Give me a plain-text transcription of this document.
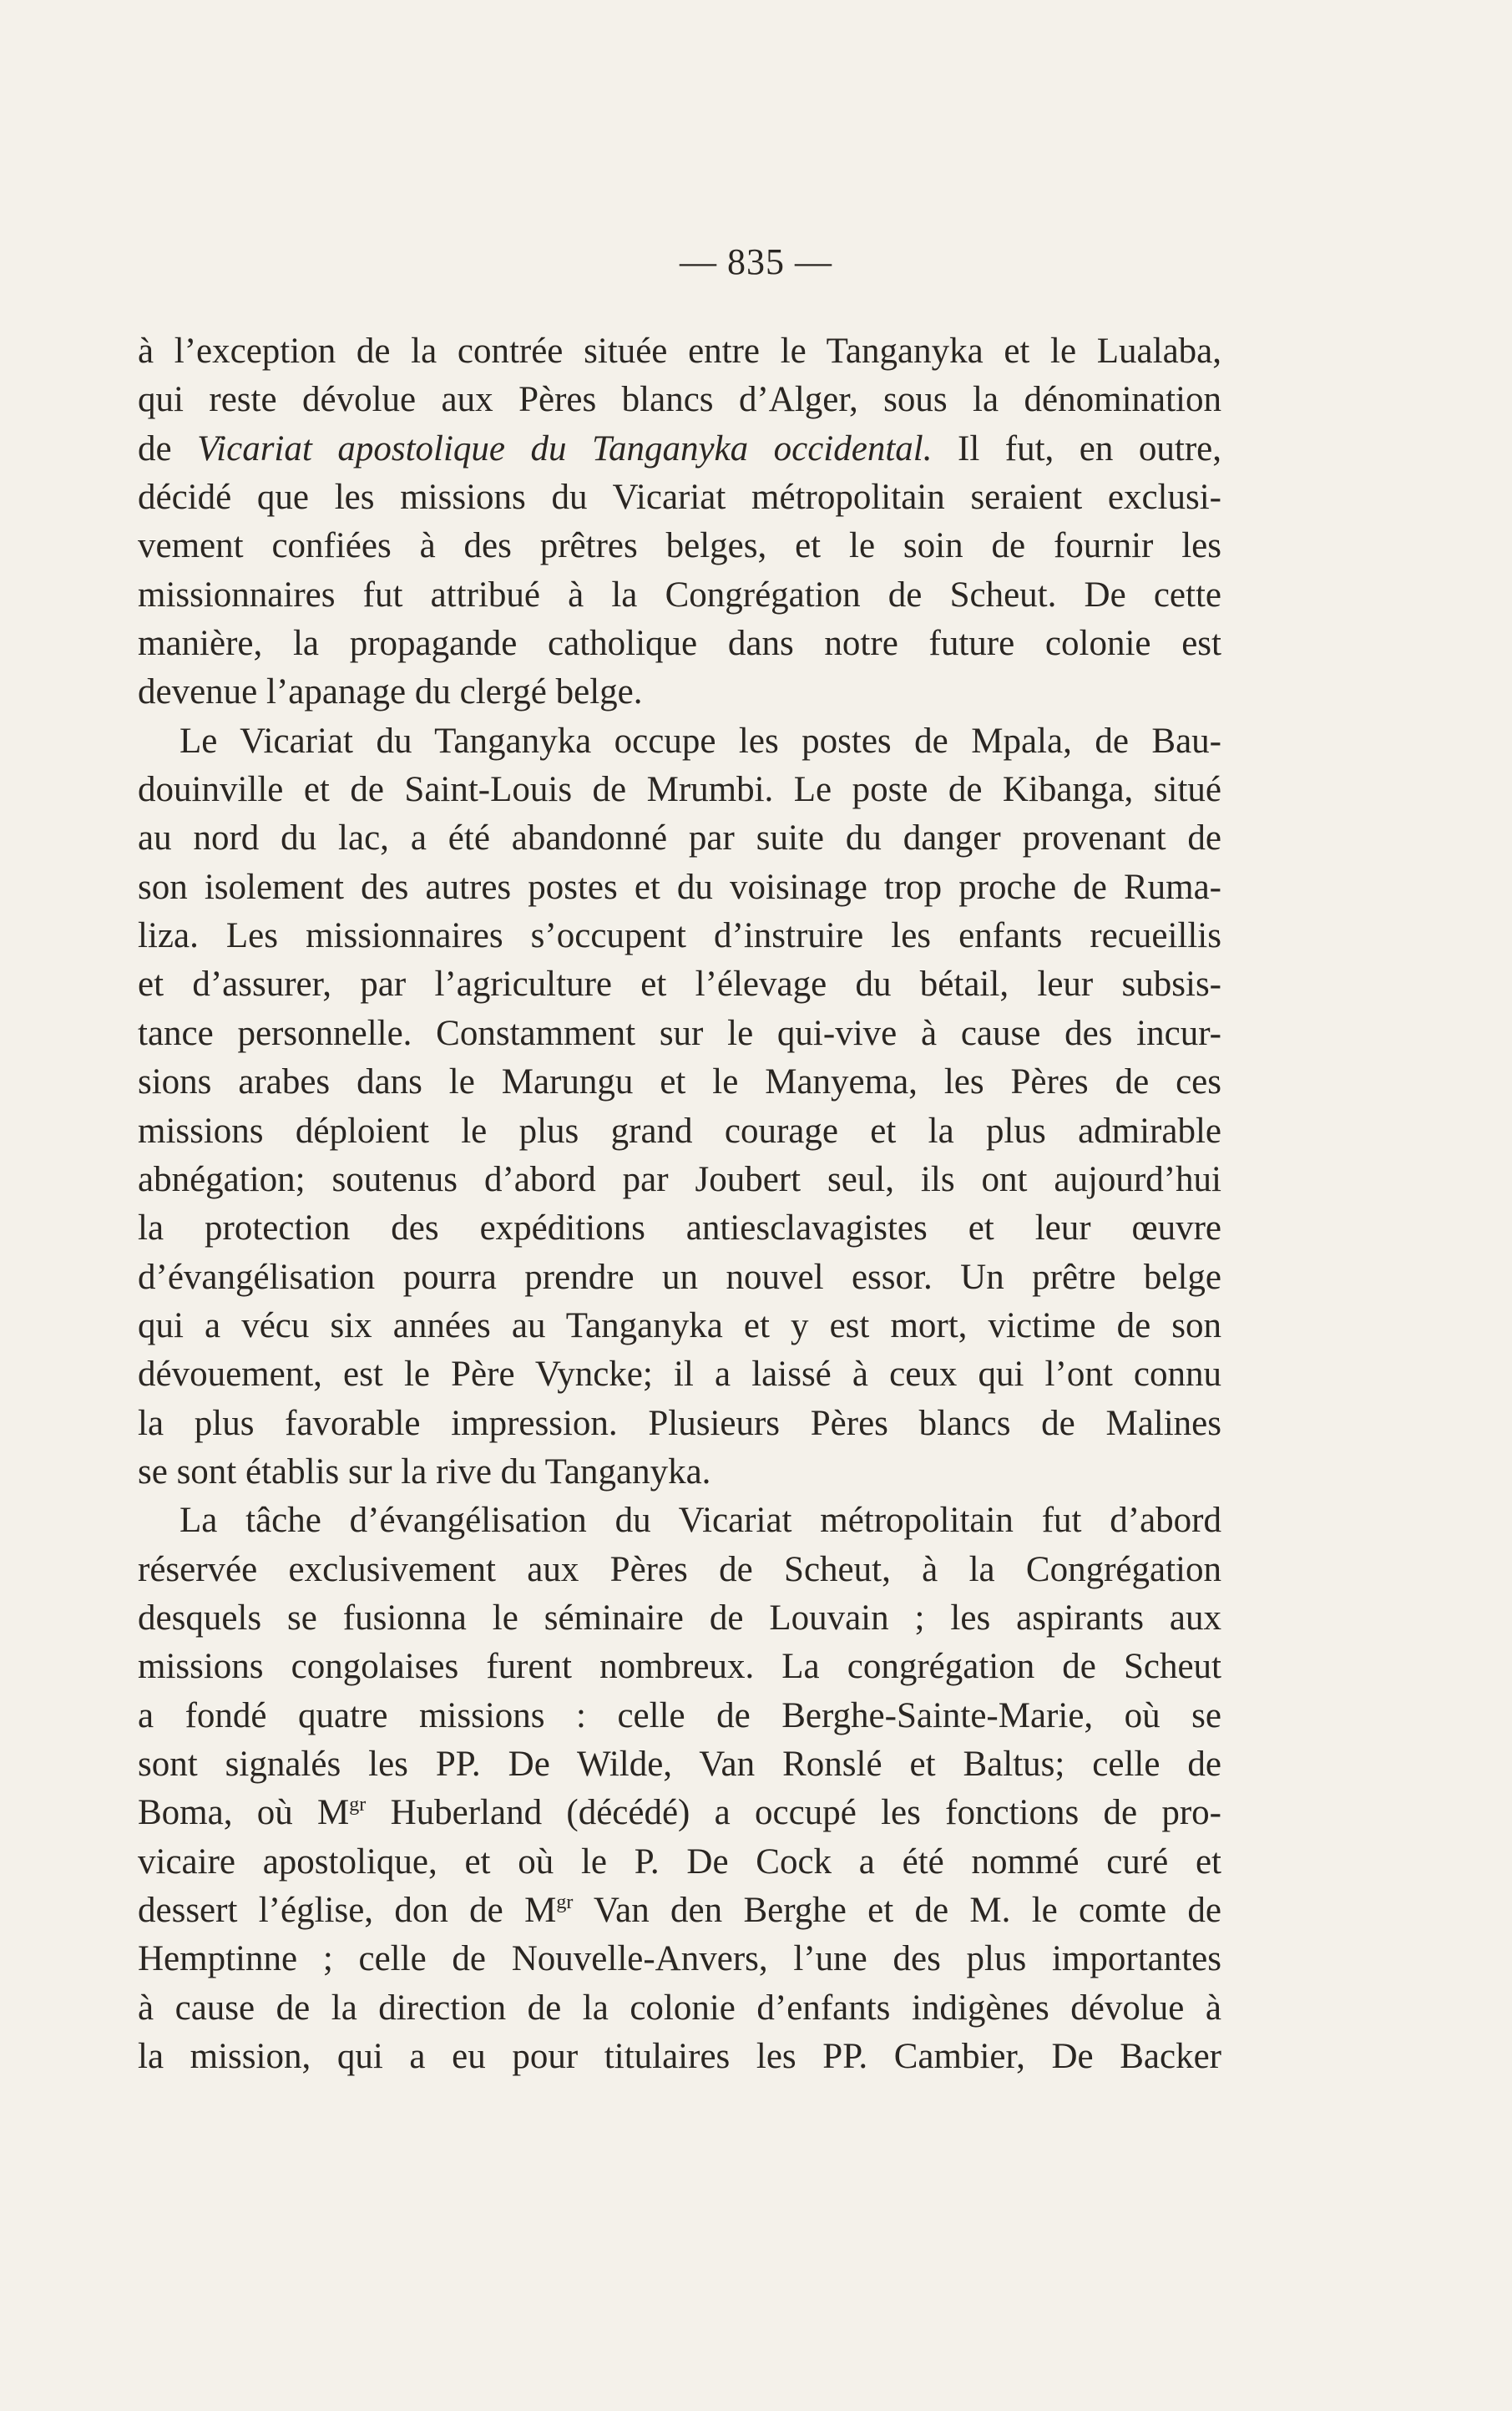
— 835 —
à l’exception de la contrée située entre le Tanganyka et le Lualaba,
qui reste dévolue aux Pères blancs d’Alger, sous la dénomination
de Vicariat apostolique du Tanganyka occidental. Il fut, en outre,
décidé que les missions du Vicariat métropolitain seraient exclusi-
vement confiées à des prêtres belges, et le soin de fournir les
missionnaires fut attribué à la Congrégation de Scheut. De cette
manière, la propagande catholique dans notre future colonie est
devenue l’apanage du clergé belge.
Le Vicariat du Tanganyka occupe les postes de Mpala, de Bau-
douinville et de Saint-Louis de Mrumbi. Le poste de Kibanga, situé
au nord du lac, a été abandonné par suite du danger provenant de
son isolement des autres postes et du voisinage trop proche de Ruma-
liza. Les missionnaires s’occupent d’instruire les enfants recueillis
et d’assurer, par l’agriculture et l’élevage du bétail, leur subsis-
tance personnelle. Constamment sur le qui-vive à cause des incur-
sions arabes dans le Marungu et le Manyema, les Pères de ces
missions déploient le plus grand courage et la plus admirable
abnégation; soutenus d’abord par Joubert seul, ils ont aujourd’hui
la protection des expéditions antiesclavagistes et leur œuvre
d’évangélisation pourra prendre un nouvel essor. Un prêtre belge
qui a vécu six années au Tanganyka et y est mort, victime de son
dévouement, est le Père Vyncke; il a laissé à ceux qui l’ont connu
la plus favorable impression. Plusieurs Pères blancs de Malines
se sont établis sur la rive du Tanganyka.
La tâche d’évangélisation du Vicariat métropolitain fut d’abord
réservée exclusivement aux Pères de Scheut, à la Congrégation
desquels se fusionna le séminaire de Louvain ; les aspirants aux
missions congolaises furent nombreux. La congrégation de Scheut
a fondé quatre missions : celle de Berghe-Sainte-Marie, où se
sont signalés les PP. De Wilde, Van Ronslé et Baltus; celle de
Boma, où $M^{gr}$ Huberland (décédé) a occupé les fonctions de pro-
vicaire apostolique, et où le P. De Cock a été nommé curé et
dessert l’église, don de $M^{gr}$ Van den Berghe et de M. le comte de
Hemptinne ; celle de Nouvelle-Anvers, l’une des plus importantes
à cause de la direction de la colonie d’enfants indigènes dévolue à
la mission, qui a eu pour titulaires les PP. Cambier, De Backer
